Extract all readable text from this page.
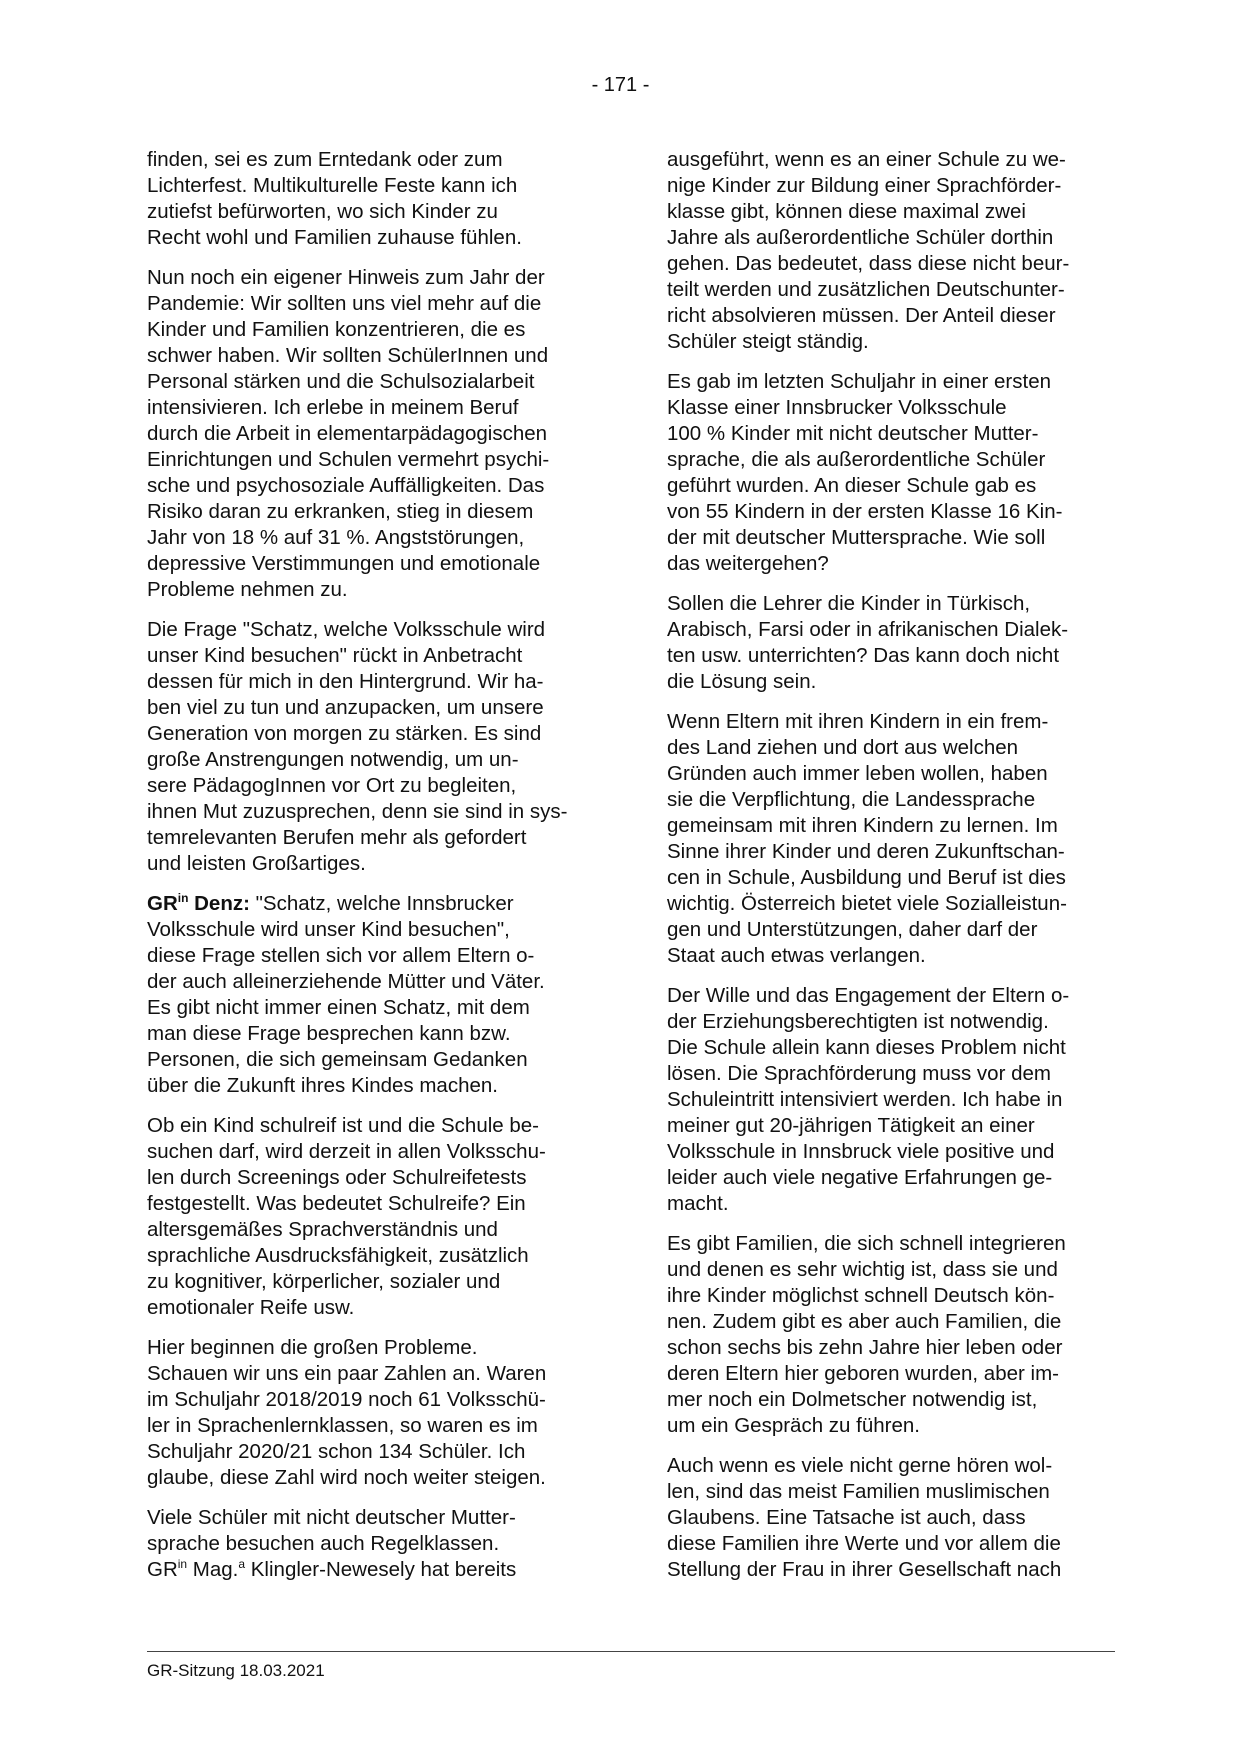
- 171 -

finden, sei es zum Erntedank oder zum
Lichterfest. Multikulturelle Feste kann ich
zutiefst befürworten, wo sich Kinder zu
Recht wohl und Familien zuhause fühlen.

Nun noch ein eigener Hinweis zum Jahr der
Pandemie: Wir sollten uns viel mehr auf die
Kinder und Familien konzentrieren, die es
schwer haben. Wir sollten SchülerInnen und
Personal stärken und die Schulsozialarbeit
intensivieren. Ich erlebe in meinem Beruf
durch die Arbeit in elementarpädagogischen
Einrichtungen und Schulen vermehrt psychi-
sche und psychosoziale Auffälligkeiten. Das
Risiko daran zu erkranken, stieg in diesem
Jahr von 18 % auf 31 %. Angststörungen,
depressive Verstimmungen und emotionale
Probleme nehmen zu.

Die Frage "Schatz, welche Volksschule wird
unser Kind besuchen" rückt in Anbetracht
dessen für mich in den Hintergrund. Wir ha-
ben viel zu tun und anzupacken, um unsere
Generation von morgen zu stärken. Es sind
große Anstrengungen notwendig, um un-
sere PädagogInnen vor Ort zu begleiten,
ihnen Mut zuzusprechen, denn sie sind in sys-
temrelevanten Berufen mehr als gefordert
und leisten Großartiges.

$GR^{in}$ Denz: "Schatz, welche Innsbrucker
Volksschule wird unser Kind besuchen",
diese Frage stellen sich vor allem Eltern o-
der auch alleinerziehende Mütter und Väter.
Es gibt nicht immer einen Schatz, mit dem
man diese Frage besprechen kann bzw.
Personen, die sich gemeinsam Gedanken
über die Zukunft ihres Kindes machen.

Ob ein Kind schulreif ist und die Schule be-
suchen darf, wird derzeit in allen Volksschu-
len durch Screenings oder Schulreifetests
festgestellt. Was bedeutet Schulreife? Ein
altersgemäßes Sprachverständnis und
sprachliche Ausdrucksfähigkeit, zusätzlich
zu kognitiver, körperlicher, sozialer und
emotionaler Reife usw.

Hier beginnen die großen Probleme.
Schauen wir uns ein paar Zahlen an. Waren
im Schuljahr 2018/2019 noch 61 Volksschü-
ler in Sprachenlernklassen, so waren es im
Schuljahr 2020/21 schon 134 Schüler. Ich
glaube, diese Zahl wird noch weiter steigen.

Viele Schüler mit nicht deutscher Mutter-
sprache besuchen auch Regelklassen.
$GR^{in}$ Mag.$^a$ Klingler-Newesely hat bereits

ausgeführt, wenn es an einer Schule zu we-
nige Kinder zur Bildung einer Sprachförder-
klasse gibt, können diese maximal zwei
Jahre als außerordentliche Schüler dorthin
gehen. Das bedeutet, dass diese nicht beur-
teilt werden und zusätzlichen Deutschunter-
richt absolvieren müssen. Der Anteil dieser
Schüler steigt ständig.

Es gab im letzten Schuljahr in einer ersten
Klasse einer Innsbrucker Volksschule
100 % Kinder mit nicht deutscher Mutter-
sprache, die als außerordentliche Schüler
geführt wurden. An dieser Schule gab es
von 55 Kindern in der ersten Klasse 16 Kin-
der mit deutscher Muttersprache. Wie soll
das weitergehen?

Sollen die Lehrer die Kinder in Türkisch,
Arabisch, Farsi oder in afrikanischen Dialek-
ten usw. unterrichten? Das kann doch nicht
die Lösung sein.

Wenn Eltern mit ihren Kindern in ein frem-
des Land ziehen und dort aus welchen
Gründen auch immer leben wollen, haben
sie die Verpflichtung, die Landessprache
gemeinsam mit ihren Kindern zu lernen. Im
Sinne ihrer Kinder und deren Zukunftschan-
cen in Schule, Ausbildung und Beruf ist dies
wichtig. Österreich bietet viele Sozialleistun-
gen und Unterstützungen, daher darf der
Staat auch etwas verlangen.

Der Wille und das Engagement der Eltern o-
der Erziehungsberechtigten ist notwendig.
Die Schule allein kann dieses Problem nicht
lösen. Die Sprachförderung muss vor dem
Schuleintritt intensiviert werden. Ich habe in
meiner gut 20-jährigen Tätigkeit an einer
Volksschule in Innsbruck viele positive und
leider auch viele negative Erfahrungen ge-
macht.

Es gibt Familien, die sich schnell integrieren
und denen es sehr wichtig ist, dass sie und
ihre Kinder möglichst schnell Deutsch kön-
nen. Zudem gibt es aber auch Familien, die
schon sechs bis zehn Jahre hier leben oder
deren Eltern hier geboren wurden, aber im-
mer noch ein Dolmetscher notwendig ist,
um ein Gespräch zu führen.

Auch wenn es viele nicht gerne hören wol-
len, sind das meist Familien muslimischen
Glaubens. Eine Tatsache ist auch, dass
diese Familien ihre Werte und vor allem die
Stellung der Frau in ihrer Gesellschaft nach

GR-Sitzung 18.03.2021
